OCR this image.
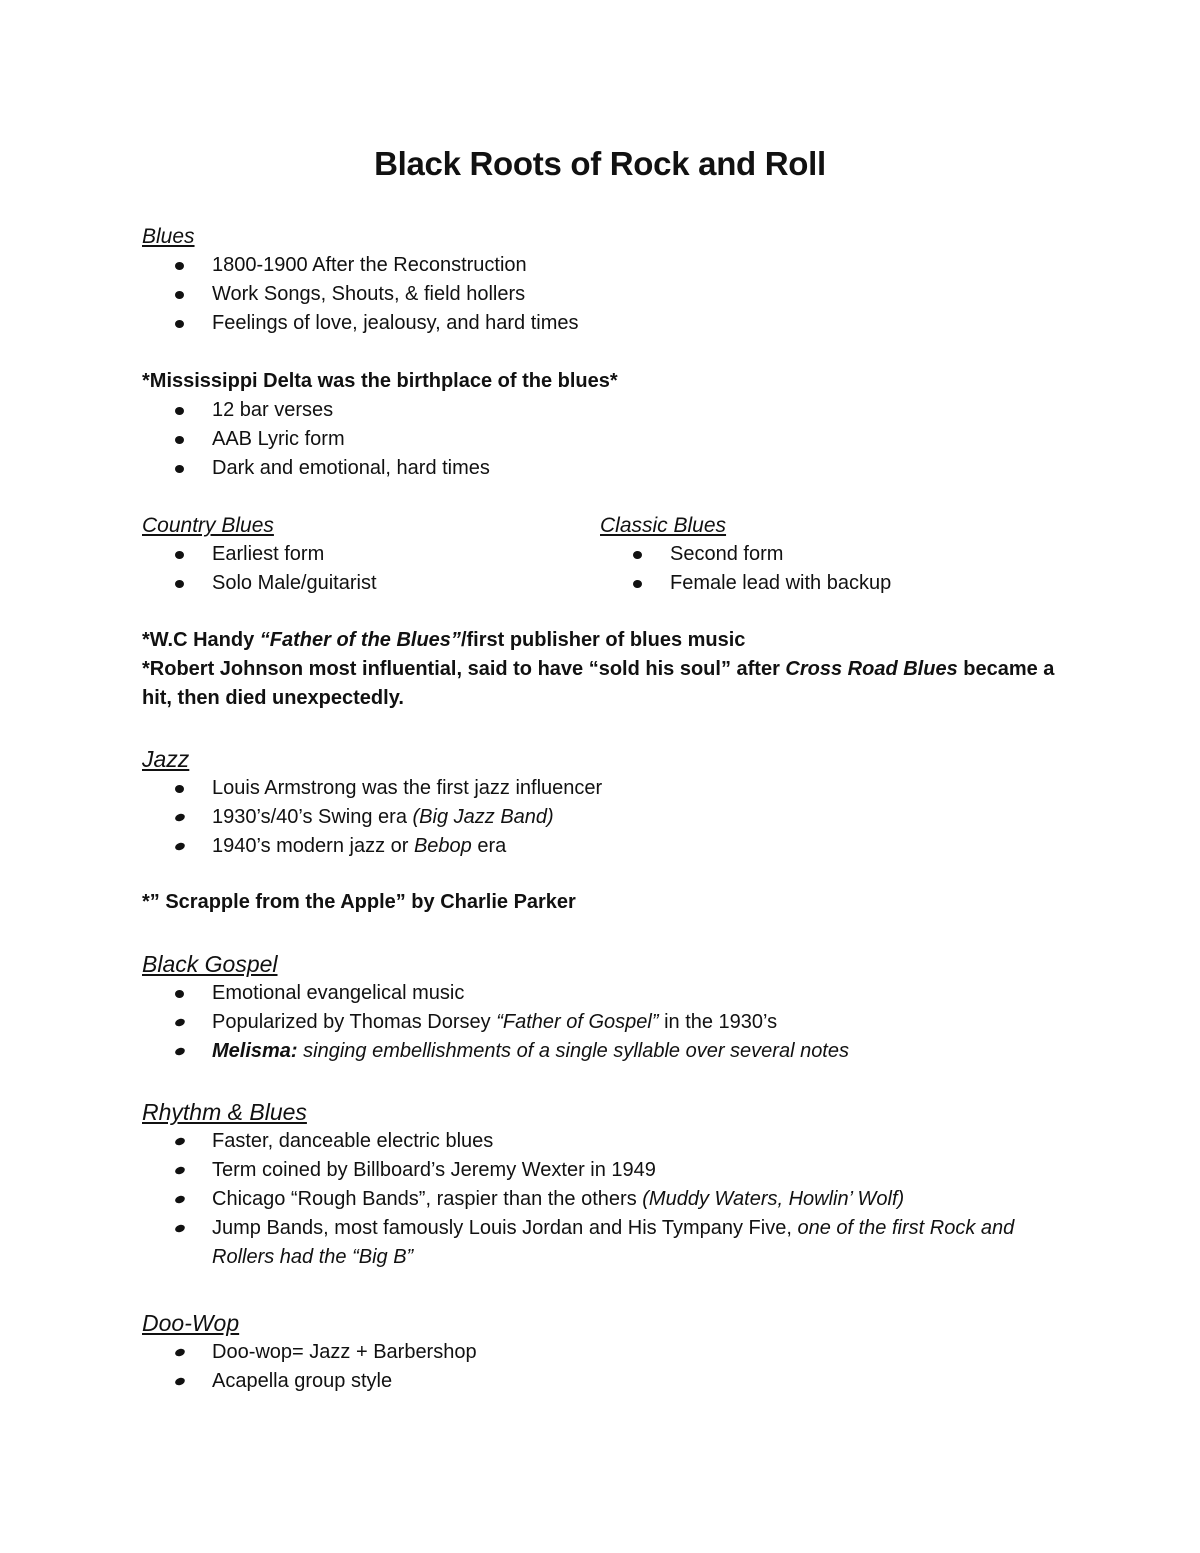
Black Roots of Rock and Roll
Blues
1800-1900 After the Reconstruction
Work Songs, Shouts, & field hollers
Feelings of love, jealousy, and hard times
*Mississippi Delta was the birthplace of the blues*
12 bar verses
AAB Lyric form
Dark and emotional, hard times
Country Blues
Earliest form
Solo Male/guitarist
Classic Blues
Second form
Female lead with backup
*W.C Handy “Father of the Blues”/first publisher of blues music
*Robert Johnson most influential, said to have “sold his soul” after Cross Road Blues became a hit, then died unexpectedly.
Jazz
Louis Armstrong was the first jazz influencer
1930’s/40’s Swing era (Big Jazz Band)
1940’s modern jazz or Bebop era
*” Scrapple from the Apple” by Charlie Parker
Black Gospel
Emotional evangelical music
Popularized by Thomas Dorsey “Father of Gospel” in the 1930’s
Melisma: singing embellishments of a single syllable over several notes
Rhythm & Blues
Faster, danceable electric blues
Term coined by Billboard’s Jeremy Wexter in 1949
Chicago “Rough Bands”, raspier than the others (Muddy Waters, Howlin’ Wolf)
Jump Bands, most famously Louis Jordan and His Tympany Five, one of the first Rock and Rollers had the “Big B”
Doo-Wop
Doo-wop= Jazz + Barbershop
Acapella group style
